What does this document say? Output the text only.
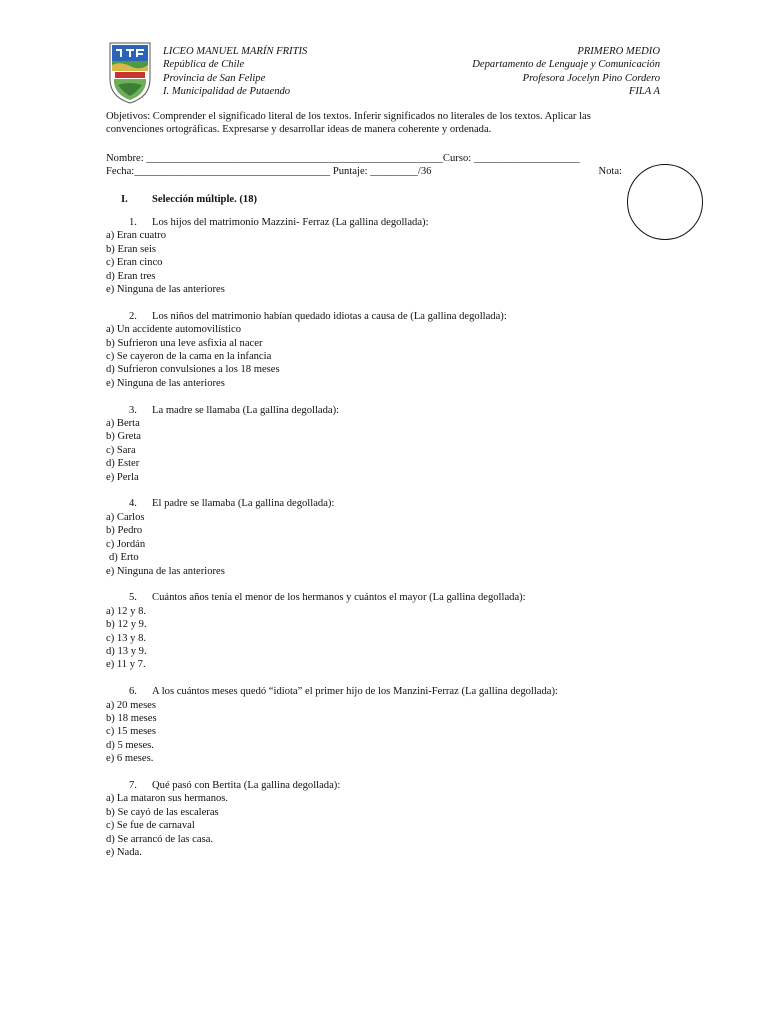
LICEO MANUEL MARÍN FRITIS
República de Chile
Provincia de San Felipe
I. Municipalidad de Putaendo
PRIMERO MEDIO
Departamento de Lenguaje y Comunicación
Profesora Jocelyn Pino Cordero
FILA A
Objetivos: Comprender el significado literal de los textos. Inferir significados no literales de los textos. Aplicar las convenciones ortográficas. Expresarse y desarrollar ideas de manera coherente y ordenada.
Nombre: ________________________________________________________Curso: ____________________
Fecha:_____________________________________ Puntaje: _________/36	Nota:
I. Selección múltiple. (18)
1. Los hijos del matrimonio Mazzini- Ferraz (La gallina degollada):
a) Eran cuatro
b) Eran seis
c) Eran cinco
d) Eran tres
e) Ninguna de las anteriores
2. Los niños del matrimonio habían quedado idiotas a causa de (La gallina degollada):
a) Un accidente automovilístico
b) Sufrieron una leve asfixia al nacer
c) Se cayeron de la cama en la infancia
d) Sufrieron convulsiones a los 18 meses
e) Ninguna de las anteriores
3. La madre se llamaba (La gallina degollada):
a) Berta
b) Greta
c) Sara
d) Ester
e) Perla
4. El padre se llamaba (La gallina degollada):
a) Carlos
b) Pedro
c) Jordán
d) Erto
e) Ninguna de las anteriores
5. Cuántos años tenía el menor de los hermanos y cuántos el mayor (La gallina degollada):
a) 12 y 8.
b) 12 y 9.
c) 13 y 8.
d) 13 y 9.
e) 11 y 7.
6. A los cuántos meses quedó “idiota” el primer hijo de los Manzini-Ferraz (La gallina degollada):
a) 20 meses
b) 18 meses
c) 15 meses
d) 5 meses.
e) 6 meses.
7. Qué pasó con Bertita (La gallina degollada):
a) La mataron sus hermanos.
b) Se cayó de las escaleras
c) Se fue de carnaval
d) Se arrancó de las casa.
e) Nada.
